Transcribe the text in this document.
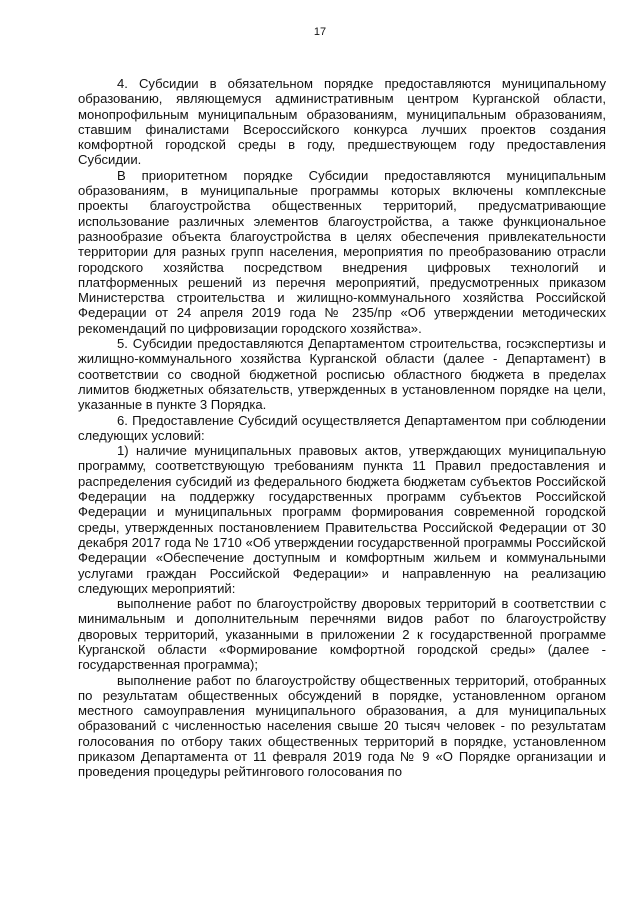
17

4. Субсидии в обязательном порядке предоставляются муниципальному образованию, являющемуся административным центром Курганской области, монопрофильным муниципальным образованиям, муниципальным образованиям, ставшим финалистами Всероссийского конкурса лучших проектов создания комфортной городской среды в году, предшествующем году предоставления Субсидии.

В приоритетном порядке Субсидии предоставляются муниципальным образованиям, в муниципальные программы которых включены комплексные проекты благоустройства общественных территорий, предусматривающие использование различных элементов благоустройства, а также функциональное разнообразие объекта благоустройства в целях обеспечения привлекательности территории для разных групп населения, мероприятия по преобразованию отрасли городского хозяйства посредством внедрения цифровых технологий и платформенных решений из перечня мероприятий, предусмотренных приказом Министерства строительства и жилищно-коммунального хозяйства Российской Федерации от 24 апреля 2019 года № 235/пр «Об утверждении методических рекомендаций по цифровизации городского хозяйства».

5. Субсидии предоставляются Департаментом строительства, госэкспертизы и жилищно-коммунального хозяйства Курганской области (далее - Департамент) в соответствии со сводной бюджетной росписью областного бюджета в пределах лимитов бюджетных обязательств, утвержденных в установленном порядке на цели, указанные в пункте 3 Порядка.

6. Предоставление Субсидий осуществляется Департаментом при соблюдении следующих условий:

1) наличие муниципальных правовых актов, утверждающих муниципальную программу, соответствующую требованиям пункта 11 Правил предоставления и распределения субсидий из федерального бюджета бюджетам субъектов Российской Федерации на поддержку государственных программ субъектов Российской Федерации и муниципальных программ формирования современной городской среды, утвержденных постановлением Правительства Российской Федерации от 30 декабря 2017 года № 1710 «Об утверждении государственной программы Российской Федерации «Обеспечение доступным и комфортным жильем и коммунальными услугами граждан Российской Федерации» и направленную на реализацию следующих мероприятий:

выполнение работ по благоустройству дворовых территорий в соответствии с минимальным и дополнительным перечнями видов работ по благоустройству дворовых территорий, указанными в приложении 2 к государственной программе Курганской области «Формирование комфортной городской среды» (далее - государственная программа);

выполнение работ по благоустройству общественных территорий, отобранных по результатам общественных обсуждений в порядке, установленном органом местного самоуправления муниципального образования, а для муниципальных образований с численностью населения свыше 20 тысяч человек - по результатам голосования по отбору таких общественных территорий в порядке, установленном приказом Департамента от 11 февраля 2019 года № 9 «О Порядке организации и проведения процедуры рейтингового голосования по
